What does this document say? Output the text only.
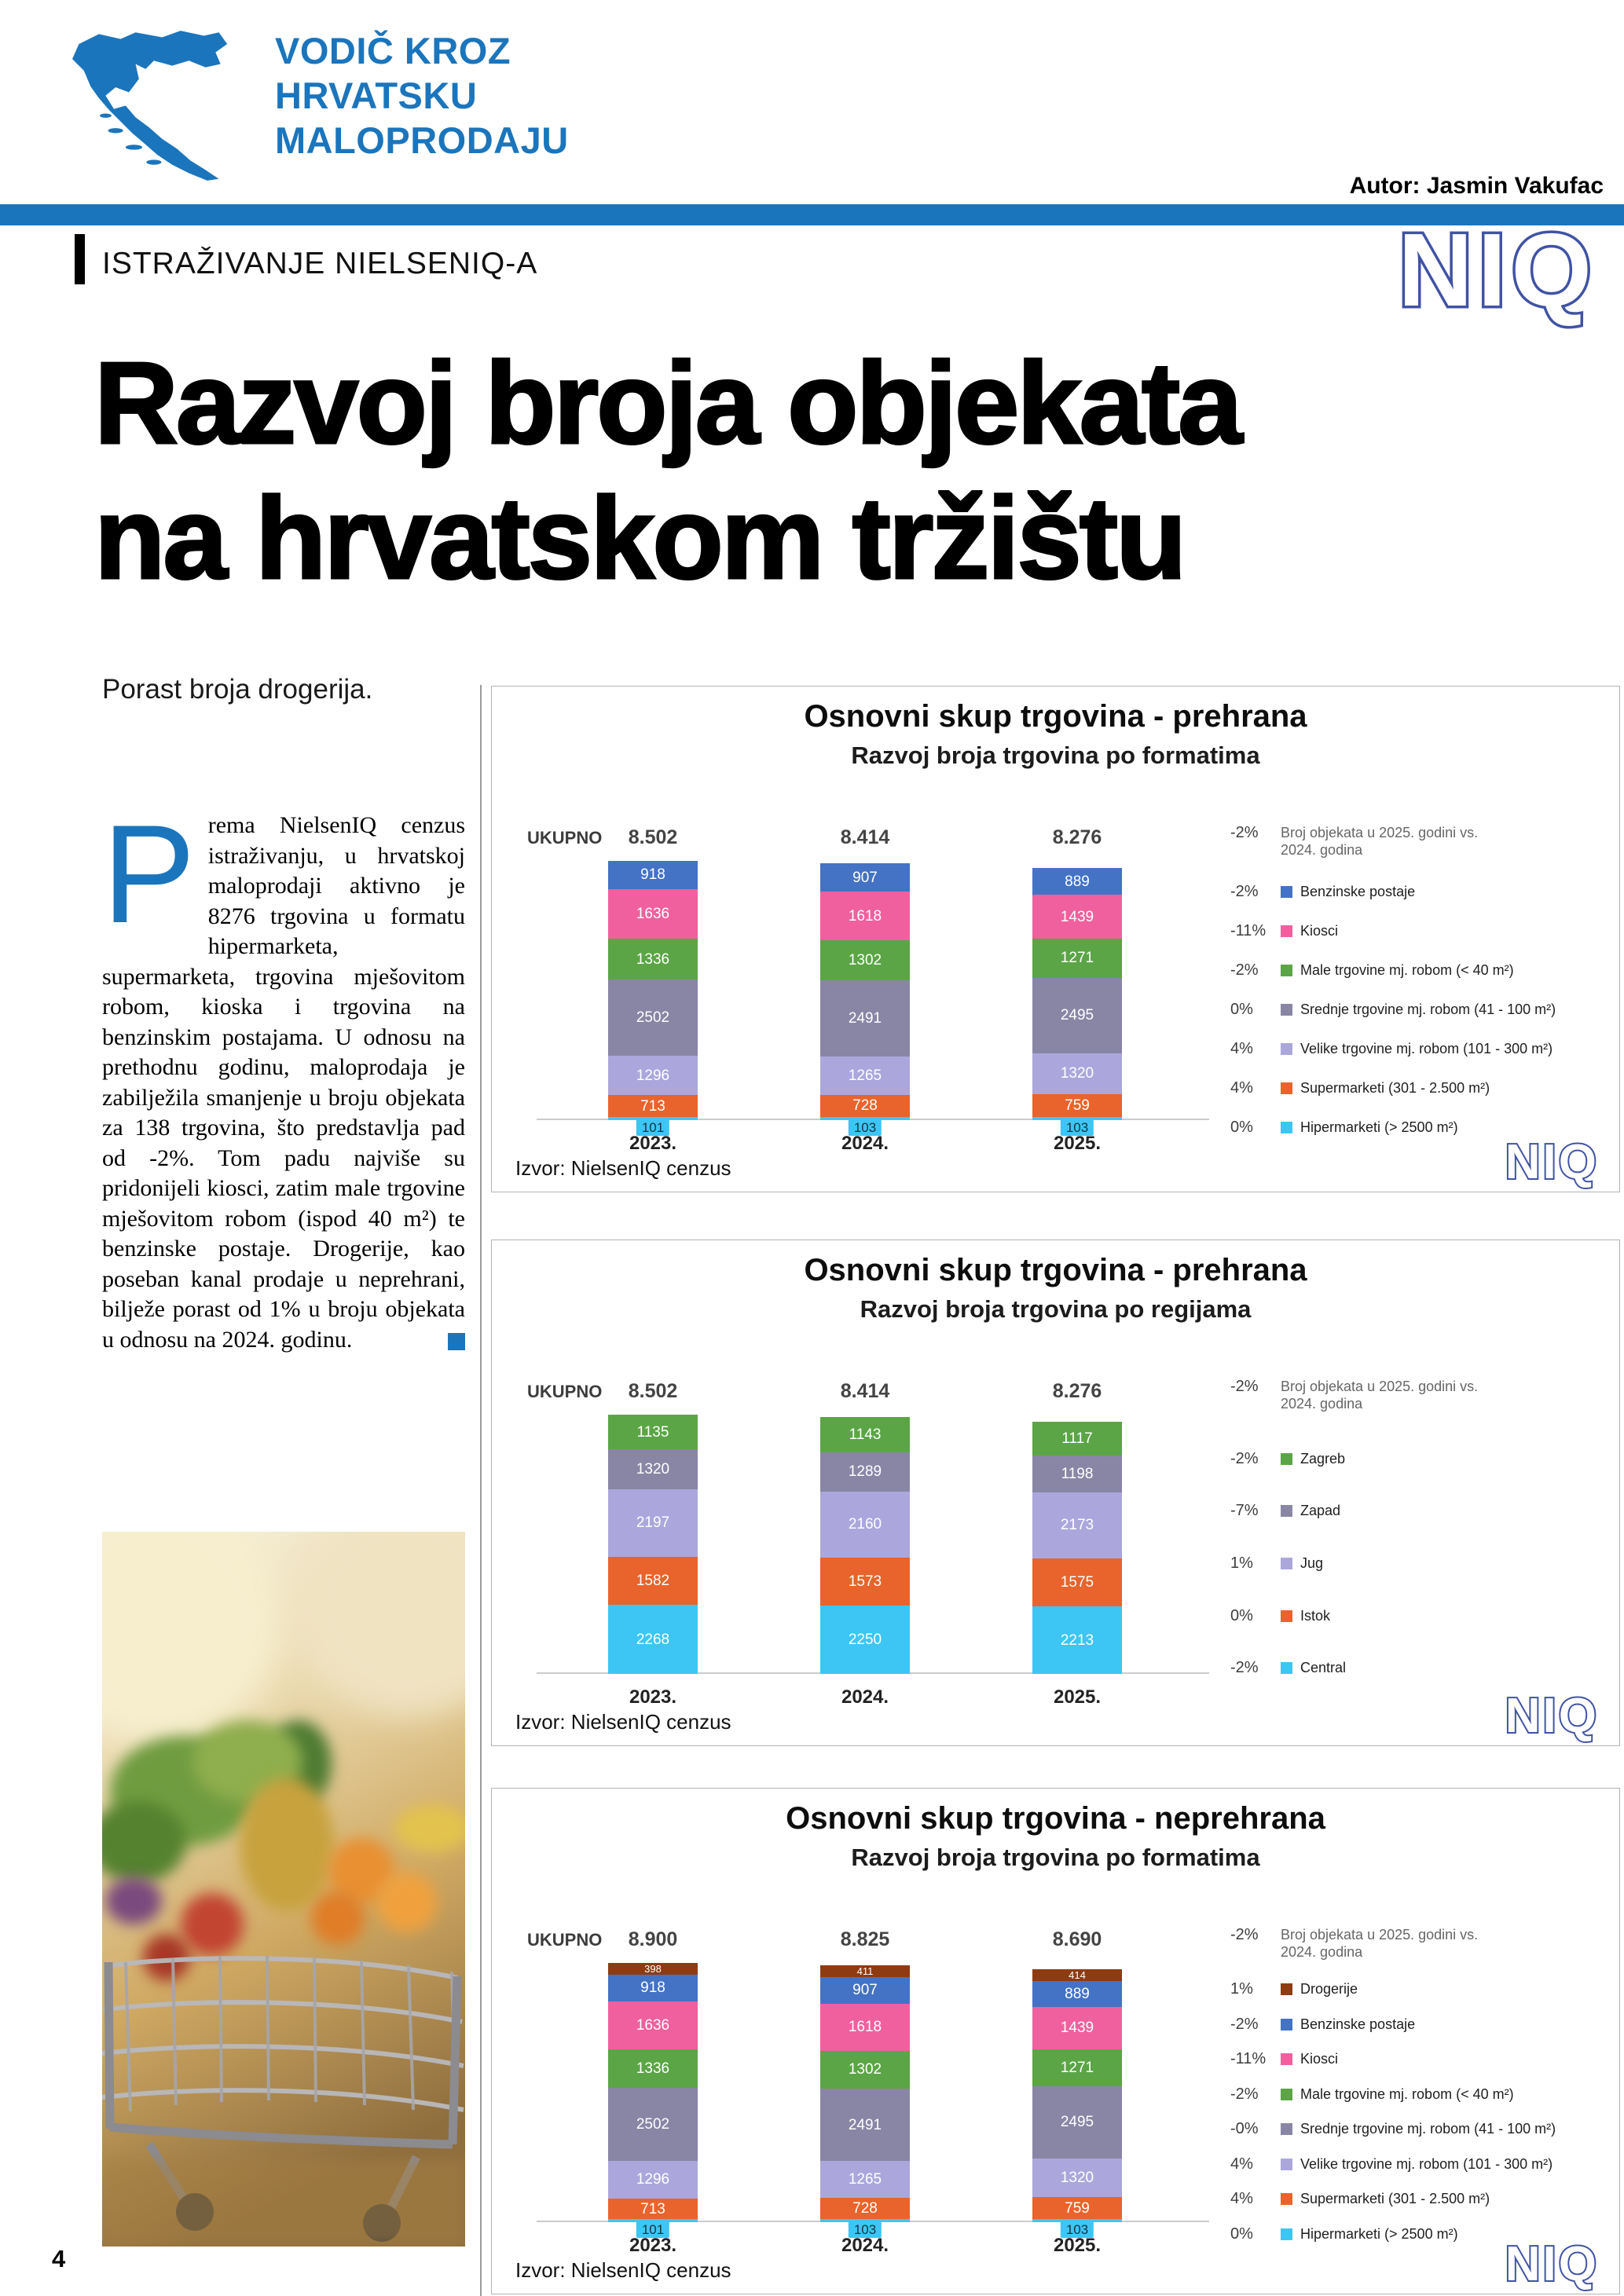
VODIČ KROZ
HRVATSKU
MALOPRODAJU
Autor: Jasmin Vakufac
ISTRAŽIVANJE NIELSENIQ-A	NIQ
Razvoj broja objekata
na hrvatskom tržištu
Porast broja drogerija.

Prema NielsenIQ cenzus istraživanju, u hrvatskoj maloprodaji aktivno je 8276 trgovina u formatu hipermarketa, supermarketa, trgovina mješovitom robom, kioska i trgovina na benzinskim postajama. U odnosu na prethodnu godinu, maloprodaja je zabilježila smanjenje u broju objekata za 138 trgovina, što predstavlja pad od -2%. Tom padu najviše su pridonijeli kiosci, zatim male trgovine mješovitom robom (ispod 40 m²) te benzinske postaje. Drogerije, kao poseban kanal prodaje u neprehrani, bilježe porast od 1% u broju objekata u odnosu na 2024. godinu.

Osnovni skup trgovina - prehrana
Razvoj broja trgovina po formatima
UKUPNO	8.502
918
1636
1336
2502
1296
713
101
2023.
8.414
907
1618
1302
2491
1265
728
103
2024.
8.276
889
1439
1271
2495
1320
759
103
2025.
-2%	Broj objekata u 2025. godini vs. 2024. godina
-2%	Benzinske postaje
-11%	Kiosci
-2%	Male trgovine mj. robom (< 40 m²)
0%	Srednje trgovine mj. robom (41 - 100 m²)
4%	Velike trgovine mj. robom (101 - 300 m²)
4%	Supermarketi (301 - 2.500 m²)
0%	Hipermarketi (> 2500 m²)
Izvor: NielsenIQ cenzus	NIQ
Osnovni skup trgovina - prehrana
Razvoj broja trgovina po regijama
UKUPNO	8.502
1135
1320
2197
1582
2268
2023.
8.414
1143
1289
2160
1573
2250
2024.
8.276
1117
1198
2173
1575
2213
2025.
-2%	Broj objekata u 2025. godini vs. 2024. godina
-2%	Zagreb
-7%	Zapad
1%	Jug
0%	Istok
-2%	Central
Izvor: NielsenIQ cenzus	NIQ
Osnovni skup trgovina - neprehrana
Razvoj broja trgovina po formatima
UKUPNO	8.900
398
918
1636
1336
2502
1296
713
101
2023.
8.825
411
907
1618
1302
2491
1265
728
103
2024.
8.690
414
889
1439
1271
2495
1320
759
103
2025.
-2%	Broj objekata u 2025. godini vs. 2024. godina
1%	Drogerije
-2%	Benzinske postaje
-11%	Kiosci
-2%	Male trgovine mj. robom (< 40 m²)
-0%	Srednje trgovine mj. robom (41 - 100 m²)
4%	Velike trgovine mj. robom (101 - 300 m²)
4%	Supermarketi (301 - 2.500 m²)
0%	Hipermarketi (> 2500 m²)
Izvor: NielsenIQ cenzus	NIQ
4
